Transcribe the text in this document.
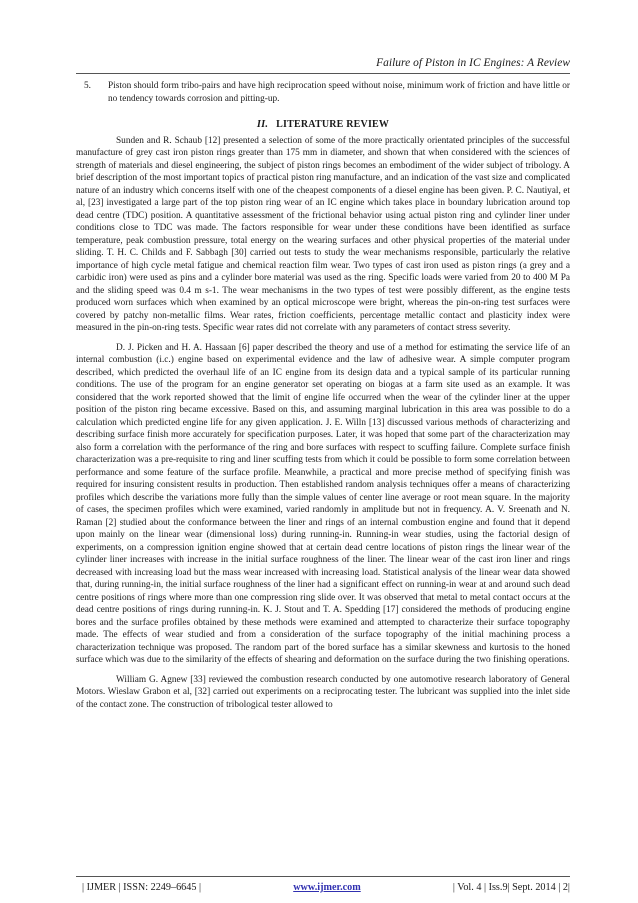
Failure of Piston in IC Engines: A Review
5.	Piston should form tribo-pairs and have high reciprocation speed without noise, minimum work of friction and have little or no tendency towards corrosion and pitting-up.
II. LITERATURE REVIEW

Sunden and R. Schaub [12] presented a selection of some of the more practically orientated principles of the successful manufacture of grey cast iron piston rings greater than 175 mm in diameter, and shown that when considered with the sciences of strength of materials and diesel engineering, the subject of piston rings becomes an embodiment of the wider subject of tribology. A brief description of the most important topics of practical piston ring manufacture, and an indication of the vast size and complicated nature of an industry which concerns itself with one of the cheapest components of a diesel engine has been given. P. C. Nautiyal, et al, [23] investigated a large part of the top piston ring wear of an IC engine which takes place in boundary lubrication around top dead centre (TDC) position. A quantitative assessment of the frictional behavior using actual piston ring and cylinder liner under conditions close to TDC was made. The factors responsible for wear under these conditions have been identified as surface temperature, peak combustion pressure, total energy on the wearing surfaces and other physical properties of the material under sliding. T. H. C. Childs and F. Sabbagh [30] carried out tests to study the wear mechanisms responsible, particularly the relative importance of high cycle metal fatigue and chemical reaction film wear. Two types of cast iron used as piston rings (a grey and a carbidic iron) were used as pins and a cylinder bore material was used as the ring. Specific loads were varied from 20 to 400 M Pa and the sliding speed was 0.4 m s-1. The wear mechanisms in the two types of test were possibly different, as the engine tests produced worn surfaces which when examined by an optical microscope were bright, whereas the pin-on-ring test surfaces were covered by patchy non-metallic films. Wear rates, friction coefficients, percentage metallic contact and plasticity index were measured in the pin-on-ring tests. Specific wear rates did not correlate with any parameters of contact stress severity.

D. J. Picken and H. A. Hassaan [6] paper described the theory and use of a method for estimating the service life of an internal combustion (i.c.) engine based on experimental evidence and the law of adhesive wear. A simple computer program described, which predicted the overhaul life of an IC engine from its design data and a typical sample of its particular running conditions. The use of the program for an engine generator set operating on biogas at a farm site used as an example. It was considered that the work reported showed that the limit of engine life occurred when the wear of the cylinder liner at the upper position of the piston ring became excessive. Based on this, and assuming marginal lubrication in this area was possible to do a calculation which predicted engine life for any given application. J. E. Willn [13] discussed various methods of characterizing and describing surface finish more accurately for specification purposes. Later, it was hoped that some part of the characterization may also form a correlation with the performance of the ring and bore surfaces with respect to scuffing failure. Complete surface finish characterization was a pre-requisite to ring and liner scuffing tests from which it could be possible to form some correlation between performance and some feature of the surface profile. Meanwhile, a practical and more precise method of specifying finish was required for insuring consistent results in production. Then established random analysis techniques offer a means of characterizing profiles which describe the variations more fully than the simple values of center line average or root mean square. In the majority of cases, the specimen profiles which were examined, varied randomly in amplitude but not in frequency. A. V. Sreenath and N. Raman [2] studied about the conformance between the liner and rings of an internal combustion engine and found that it depend upon mainly on the linear wear (dimensional loss) during running-in. Running-in wear studies, using the factorial design of experiments, on a compression ignition engine showed that at certain dead centre locations of piston rings the linear wear of the cylinder liner increases with increase in the initial surface roughness of the liner. The linear wear of the cast iron liner and rings decreased with increasing load but the mass wear increased with increasing load. Statistical analysis of the linear wear data showed that, during running-in, the initial surface roughness of the liner had a significant effect on running-in wear at and around such dead centre positions of rings where more than one compression ring slide over. It was observed that metal to metal contact occurs at the dead centre positions of rings during running-in. K. J. Stout and T. A. Spedding [17] considered the methods of producing engine bores and the surface profiles obtained by these methods were examined and attempted to characterize their surface topography made. The effects of wear studied and from a consideration of the surface topography of the initial machining process a characterization technique was proposed. The random part of the bored surface has a similar skewness and kurtosis to the honed surface which was due to the similarity of the effects of shearing and deformation on the surface during the two finishing operations.

William G. Agnew [33] reviewed the combustion research conducted by one automotive research laboratory of General Motors. Wieslaw Grabon et al, [32] carried out experiments on a reciprocating tester. The lubricant was supplied into the inlet side of the contact zone. The construction of tribological tester allowed to

| IJMER | ISSN: 2249–6645 |	www.ijmer.com	| Vol. 4 | Iss.9| Sept. 2014 | 2|
